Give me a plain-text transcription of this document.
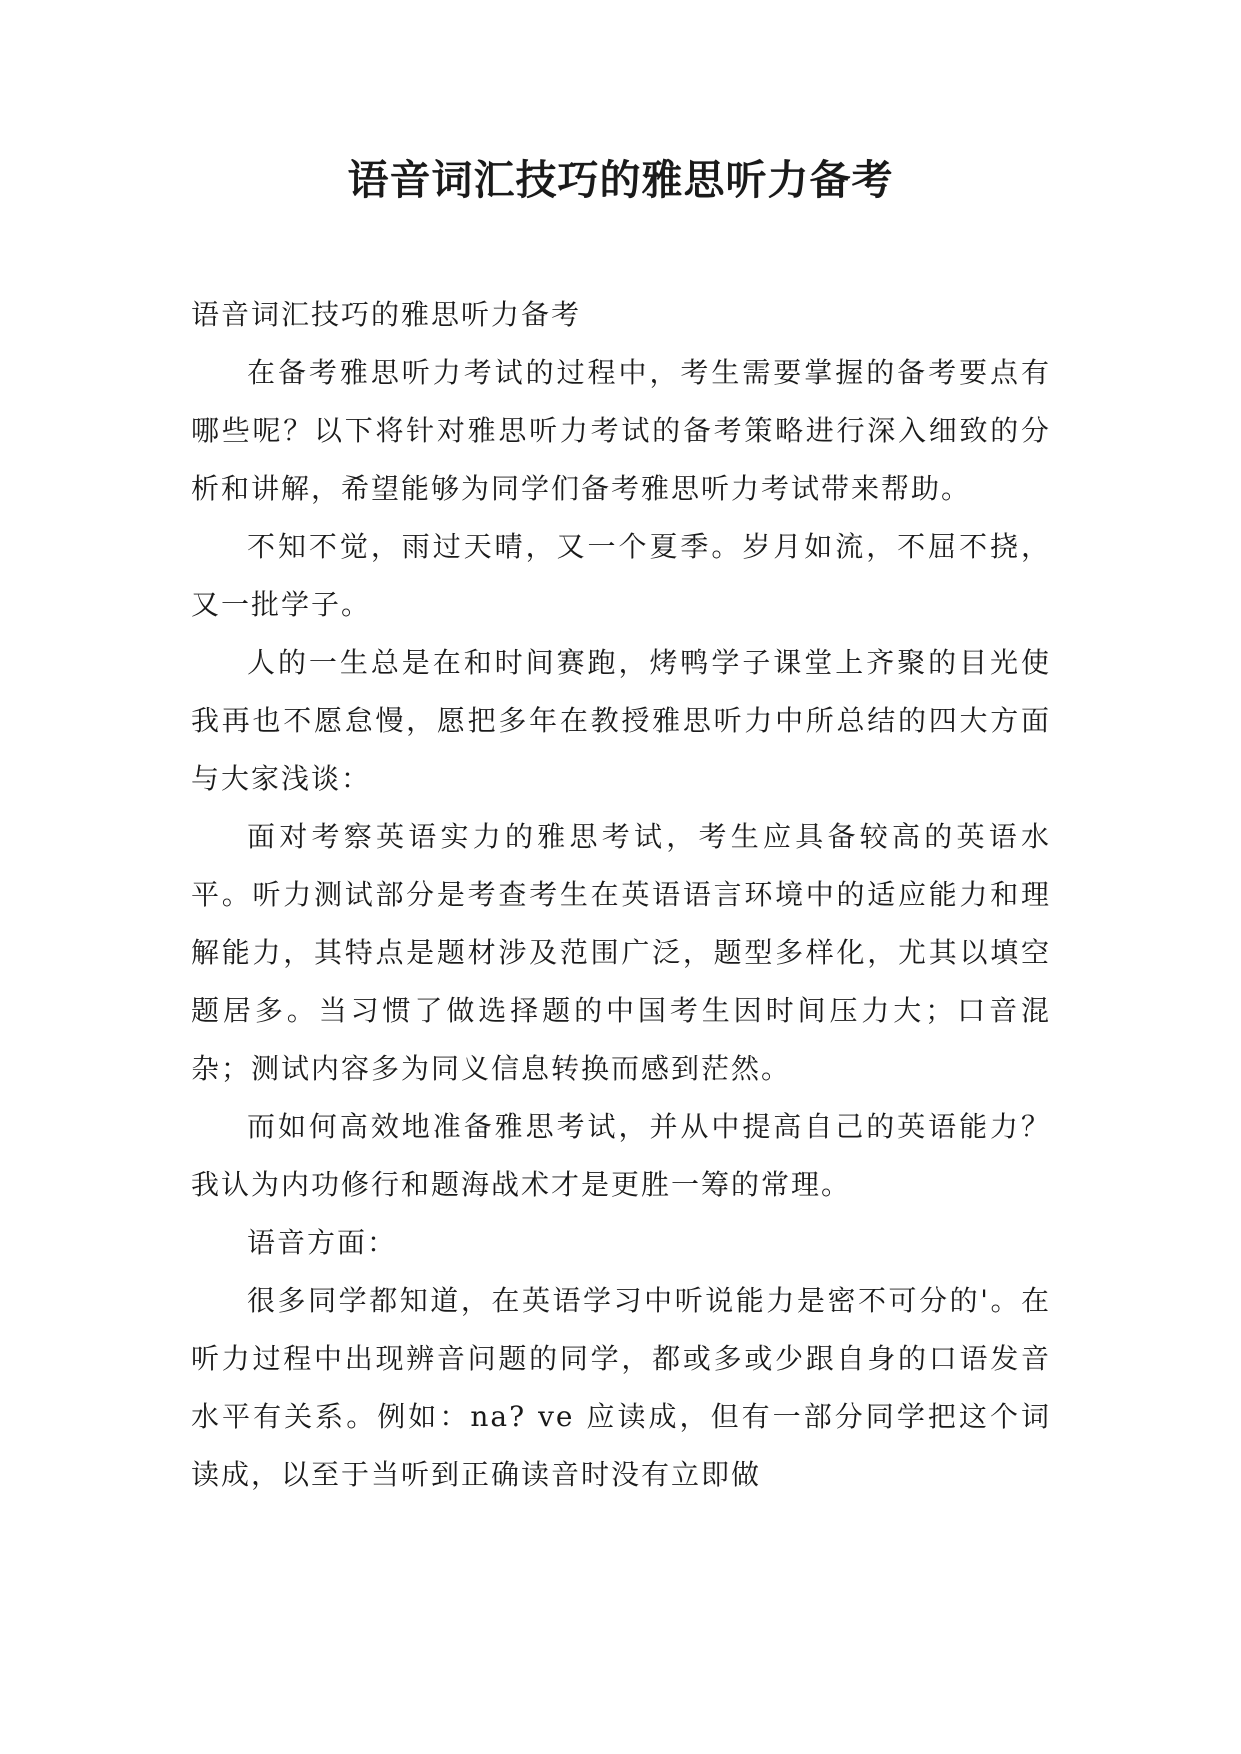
语音词汇技巧的雅思听力备考

语音词汇技巧的雅思听力备考

在备考雅思听力考试的过程中，考生需要掌握的备考要点有哪些呢？以下将针对雅思听力考试的备考策略进行深入细致的分析和讲解，希望能够为同学们备考雅思听力考试带来帮助。

不知不觉，雨过天晴，又一个夏季。岁月如流，不屈不挠，又一批学子。

人的一生总是在和时间赛跑，烤鸭学子课堂上齐聚的目光使我再也不愿怠慢，愿把多年在教授雅思听力中所总结的四大方面与大家浅谈：

面对考察英语实力的雅思考试，考生应具备较高的英语水平。听力测试部分是考查考生在英语语言环境中的适应能力和理解能力，其特点是题材涉及范围广泛，题型多样化，尤其以填空题居多。当习惯了做选择题的中国考生因时间压力大；口音混杂；测试内容多为同义信息转换而感到茫然。

而如何高效地准备雅思考试，并从中提高自己的英语能力？我认为内功修行和题海战术才是更胜一筹的常理。

语音方面：

很多同学都知道，在英语学习中听说能力是密不可分的'。在听力过程中出现辨音问题的同学，都或多或少跟自身的口语发音水平有关系。例如：na? ve 应读成，但有一部分同学把这个词读成，以至于当听到正确读音时没有立即做
